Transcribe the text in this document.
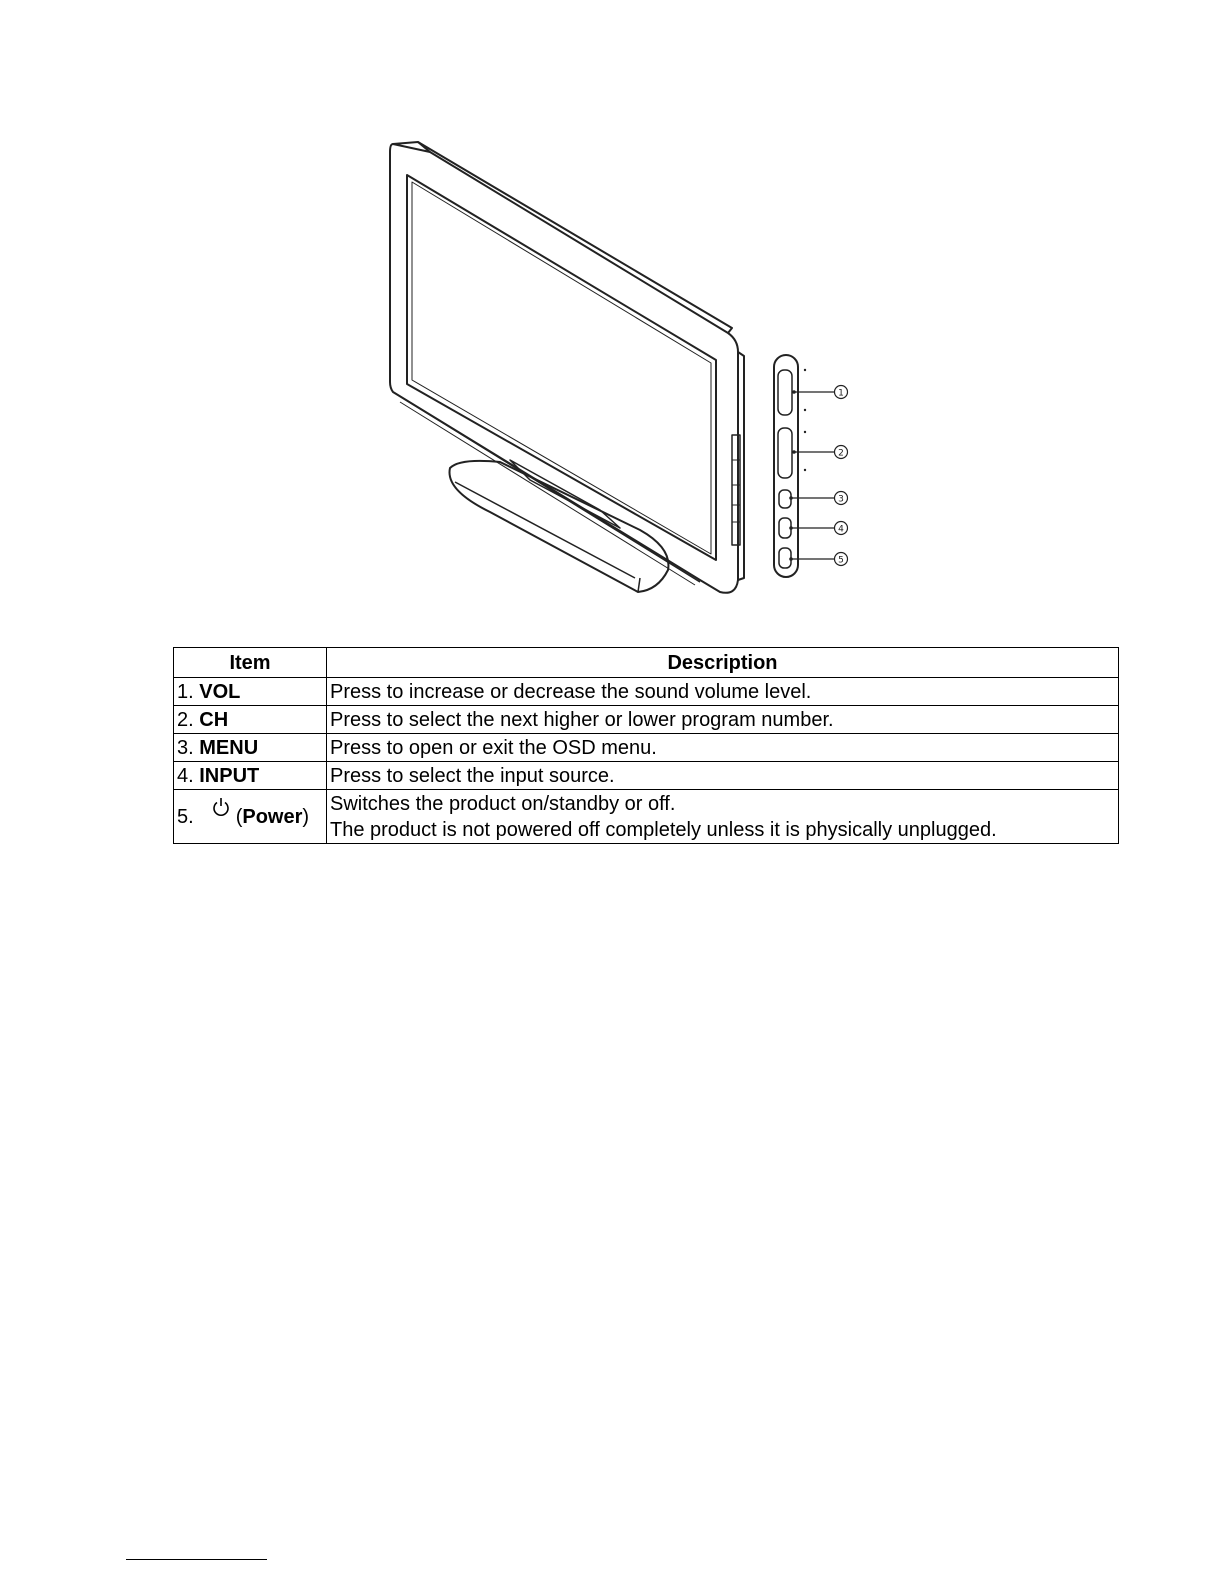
1
2
3
4
5
Item	Description
1. VOL	Press to increase or decrease the sound volume level.
2. CH	Press to select the next higher or lower program number.
3. MENU	Press to open or exit the OSD menu.
4. INPUT	Press to select the input source.
5. (Power)	Switches the product on/standby or off.
The product is not powered off completely unless it is physically unplugged.
